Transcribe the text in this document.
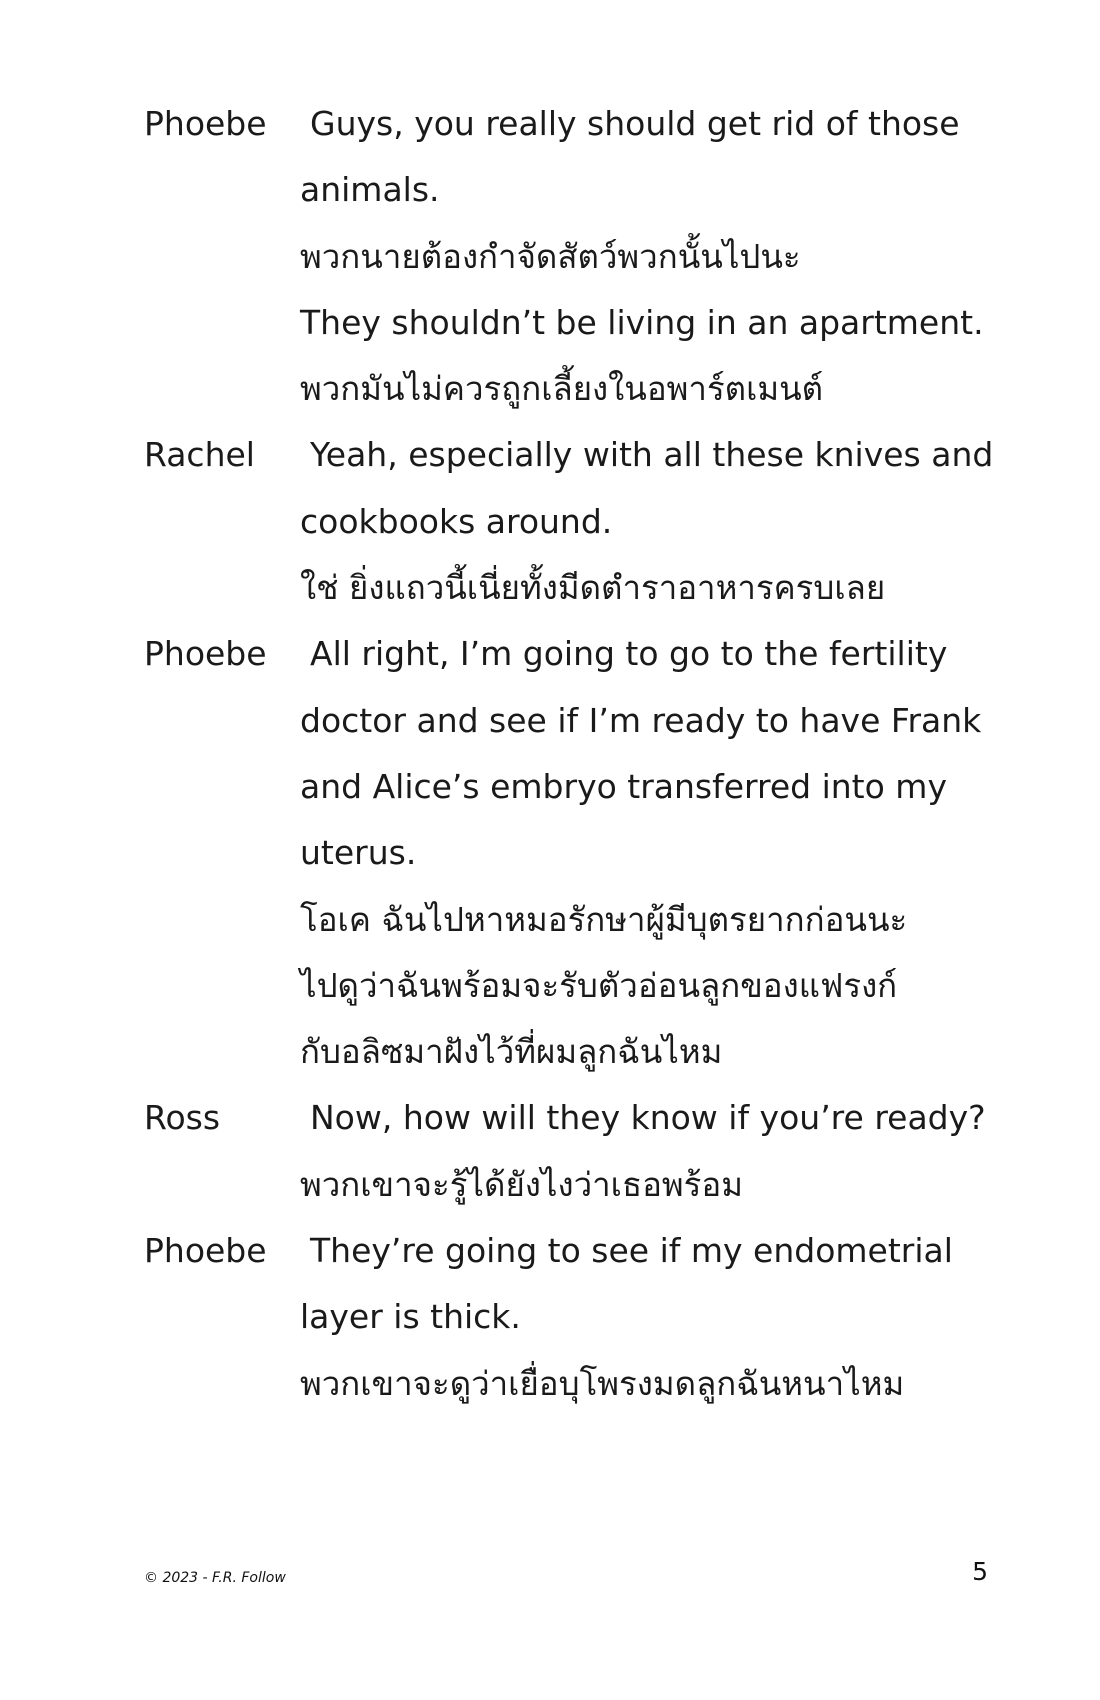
Phoebe	Guys, you really should get rid of those
animals.
พวกนายต้องกำจัดสัตว์พวกนั้นไปนะ
They shouldn’t be living in an apartment.
พวกมันไม่ควรถูกเลี้ยงในอพาร์ตเมนต์
Rachel	Yeah, especially with all these knives and
cookbooks around.
ใช่ ยิ่งแถวนี้เนี่ยทั้งมีดตำราอาหารครบเลย
Phoebe	All right, I’m going to go to the fertility
doctor and see if I’m ready to have Frank
and Alice’s embryo transferred into my
uterus.
โอเค ฉันไปหาหมอรักษาผู้มีบุตรยากก่อนนะ
ไปดูว่าฉันพร้อมจะรับตัวอ่อนลูกของแฟรงก์
กับอลิซมาฝังไว้ที่ผมลูกฉันไหม
Ross	Now, how will they know if you’re ready?
พวกเขาจะรู้ได้ยังไงว่าเธอพร้อม
Phoebe	They’re going to see if my endometrial
layer is thick.
พวกเขาจะดูว่าเยื่อบุโพรงมดลูกฉันหนาไหม
© 2023 - F.R. Follow	5
